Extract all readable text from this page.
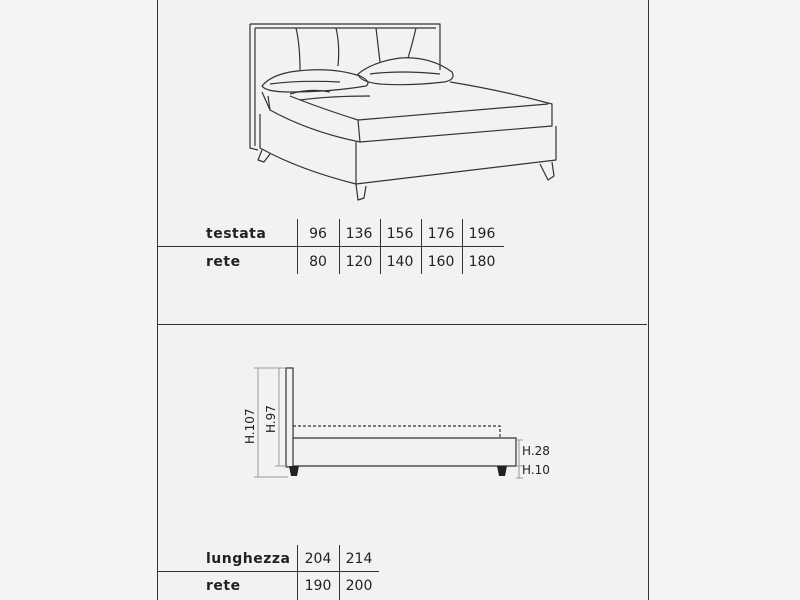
testata	96	136	156	176	196
rete	80	120	140	160	180
H.107 H.97
H.28
H.10
lunghezza	204	214
rete	190	200
